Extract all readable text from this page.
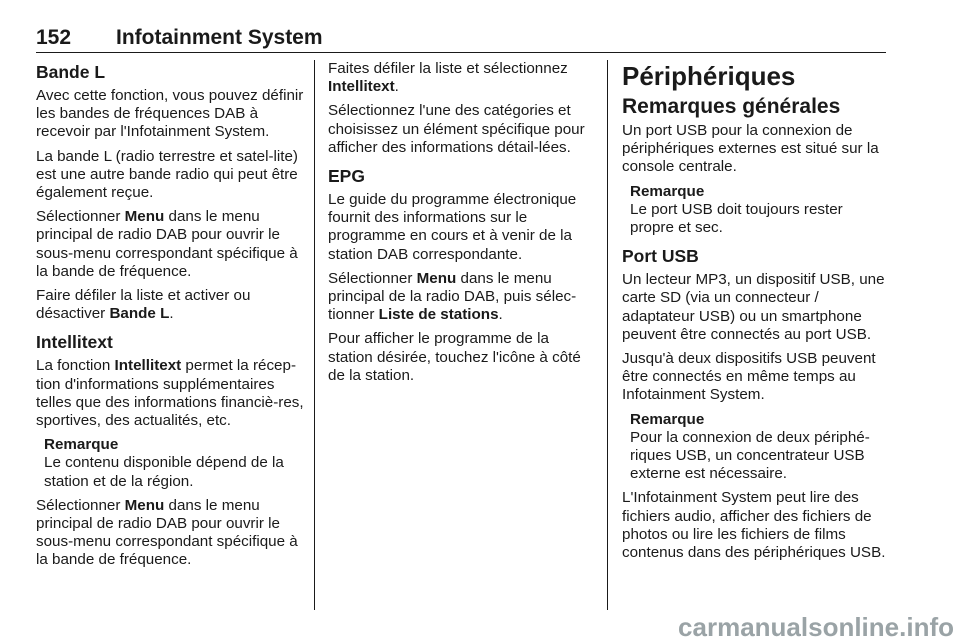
152 Infotainment System
Bande L

Avec cette fonction, vous pouvez définir les bandes de fréquences DAB à recevoir par l'Infotainment System.

La bande L (radio terrestre et satel-lite) est une autre bande radio qui peut être également reçue.

Sélectionner Menu dans le menu principal de radio DAB pour ouvrir le sous-menu correspondant spécifique à la bande de fréquence.

Faire défiler la liste et activer ou désactiver Bande L.

Intellitext

La fonction Intellitext permet la récep-tion d'informations supplémentaires telles que des informations financiè-res, sportives, des actualités, etc.

Remarque
Le contenu disponible dépend de la station et de la région.

Sélectionner Menu dans le menu principal de radio DAB pour ouvrir le sous-menu correspondant spécifique à la bande de fréquence.

Faites défiler la liste et sélectionnez Intellitext.

Sélectionnez l'une des catégories et choisissez un élément spécifique pour afficher des informations détail-lées.

EPG

Le guide du programme électronique fournit des informations sur le programme en cours et à venir de la station DAB correspondante.

Sélectionner Menu dans le menu principal de la radio DAB, puis sélec-tionner Liste de stations.

Pour afficher le programme de la station désirée, touchez l'icône à côté de la station.

Périphériques
Remarques générales

Un port USB pour la connexion de périphériques externes est situé sur la console centrale.

Remarque
Le port USB doit toujours rester propre et sec.
Port USB

Un lecteur MP3, un dispositif USB, une carte SD (via un connecteur / adaptateur USB) ou un smartphone peuvent être connectés au port USB.

Jusqu'à deux dispositifs USB peuvent être connectés en même temps au Infotainment System.

Remarque
Pour la connexion de deux périphé-riques USB, un concentrateur USB externe est nécessaire.

L'Infotainment System peut lire des fichiers audio, afficher des fichiers de photos ou lire les fichiers de films contenus dans des périphériques USB.

carmanualsonline.info
